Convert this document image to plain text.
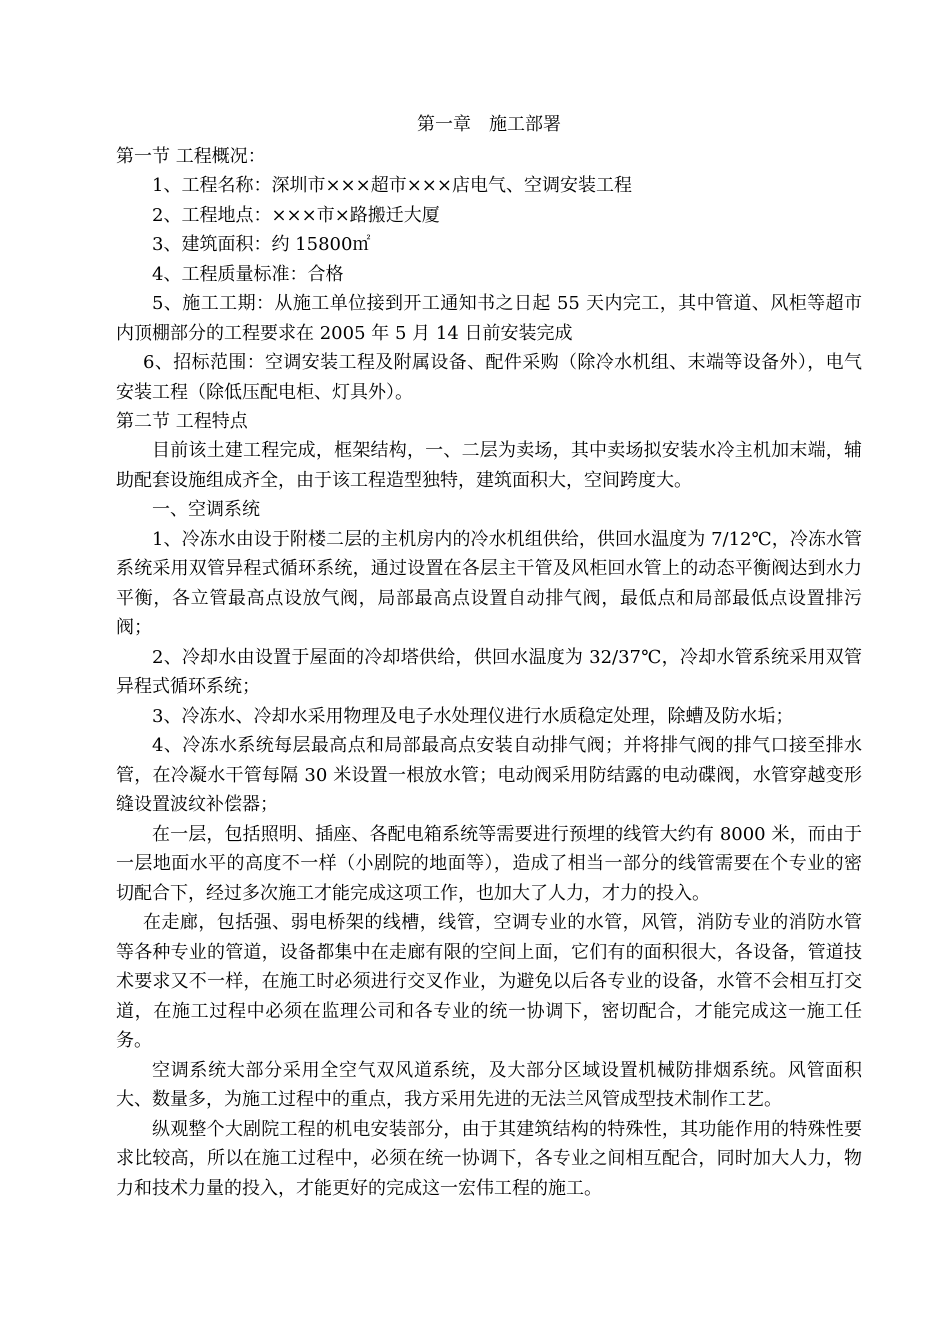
第一章　施工部署

第一节 工程概况：

1、工程名称：深圳市×××超市×××店电气、空调安装工程

2、工程地点：×××市×路搬迁大厦

3、建筑面积：约 15800㎡

4、工程质量标准：合格

5、施工工期：从施工单位接到开工通知书之日起 55 天内完工，其中管道、风柜等超市内顶棚部分的工程要求在 2005 年 5 月 14 日前安装完成

6、招标范围：空调安装工程及附属设备、配件采购（除冷水机组、末端等设备外），电气安装工程（除低压配电柜、灯具外）。

第二节 工程特点

目前该土建工程完成，框架结构，一、二层为卖场，其中卖场拟安装水冷主机加末端，辅助配套设施组成齐全，由于该工程造型独特，建筑面积大，空间跨度大。

一、空调系统

1、冷冻水由设于附楼二层的主机房内的冷水机组供给，供回水温度为 7/12℃，冷冻水管系统采用双管异程式循环系统，通过设置在各层主干管及风柜回水管上的动态平衡阀达到水力平衡，各立管最高点设放气阀，局部最高点设置自动排气阀，最低点和局部最低点设置排污阀；

2、冷却水由设置于屋面的冷却塔供给，供回水温度为 32/37℃，冷却水管系统采用双管异程式循环系统；

3、冷冻水、冷却水采用物理及电子水处理仪进行水质稳定处理，除螬及防水垢；

4、冷冻水系统每层最高点和局部最高点安装自动排气阀；并将排气阀的排气口接至排水管，在冷凝水干管每隔 30 米设置一根放水管；电动阀采用防结露的电动碟阀，水管穿越变形缝设置波纹补偿器；

在一层，包括照明、插座、各配电箱系统等需要进行预埋的线管大约有 8000 米，而由于一层地面水平的高度不一样（小剧院的地面等），造成了相当一部分的线管需要在个专业的密切配合下，经过多次施工才能完成这项工作，也加大了人力，才力的投入。

在走廊，包括强、弱电桥架的线槽，线管，空调专业的水管，风管，消防专业的消防水管等各种专业的管道，设备都集中在走廊有限的空间上面，它们有的面积很大，各设备，管道技术要求又不一样，在施工时必须进行交叉作业，为避免以后各专业的设备，水管不会相互打交道，在施工过程中必须在监理公司和各专业的统一协调下，密切配合，才能完成这一施工任务。

空调系统大部分采用全空气双风道系统，及大部分区域设置机械防排烟系统。风管面积大、数量多，为施工过程中的重点，我方采用先进的无法兰风管成型技术制作工艺。

纵观整个大剧院工程的机电安装部分，由于其建筑结构的特殊性，其功能作用的特殊性要求比较高，所以在施工过程中，必须在统一协调下，各专业之间相互配合，同时加大人力，物力和技术力量的投入，才能更好的完成这一宏伟工程的施工。
